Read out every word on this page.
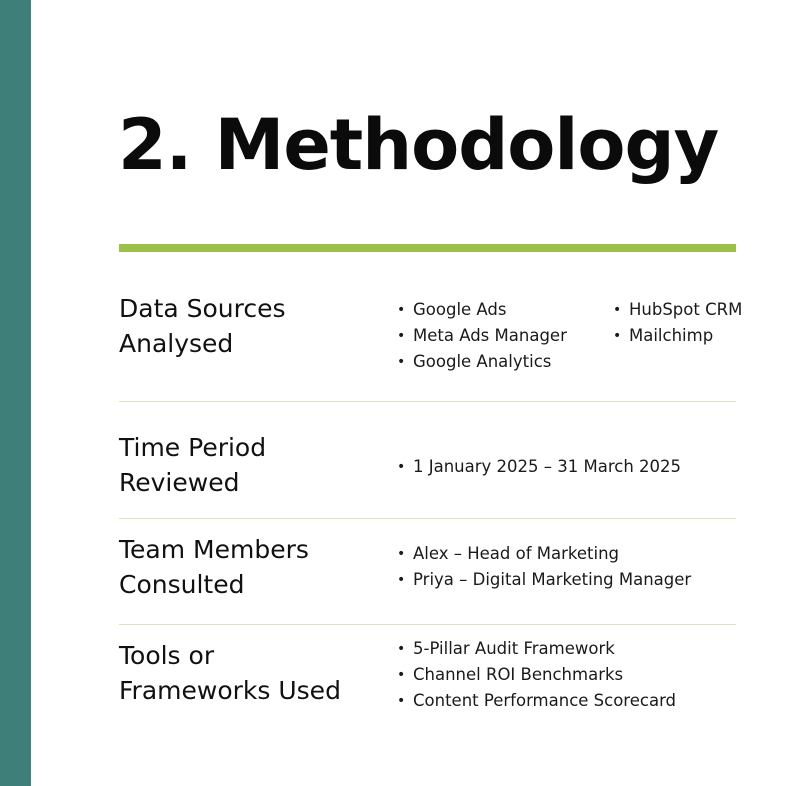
2. Methodology
Data Sources
Analysed
• Google Ads
• Meta Ads Manager
• Google Analytics
• HubSpot CRM
• Mailchimp
Time Period
Reviewed
• 1 January 2025 – 31 March 2025
Team Members
Consulted
• Alex – Head of Marketing
• Priya – Digital Marketing Manager
Tools or
Frameworks Used
• 5-Pillar Audit Framework
• Channel ROI Benchmarks
• Content Performance Scorecard
